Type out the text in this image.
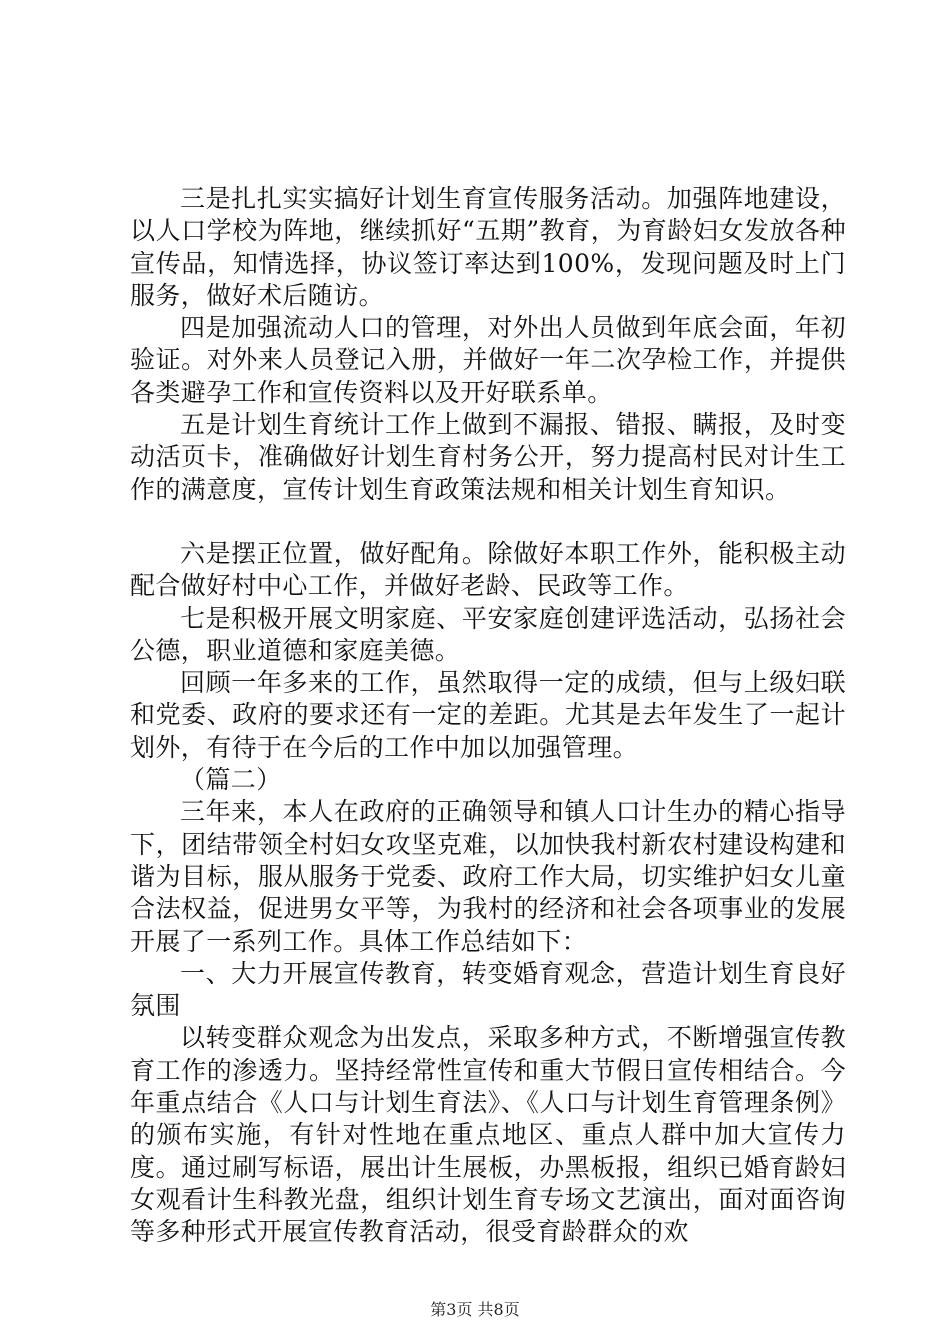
三是扎扎实实搞好计划生育宣传服务活动。加强阵地建设，以人口学校为阵地，继续抓好“五期”教育，为育龄妇女发放各种宣传品，知情选择，协议签订率达到100%，发现问题及时上门服务，做好术后随访。

四是加强流动人口的管理，对外出人员做到年底会面，年初验证。对外来人员登记入册，并做好一年二次孕检工作，并提供各类避孕工作和宣传资料以及开好联系单。

五是计划生育统计工作上做到不漏报、错报、瞒报，及时变动活页卡，准确做好计划生育村务公开，努力提高村民对计生工作的满意度，宣传计划生育政策法规和相关计划生育知识。

六是摆正位置，做好配角。除做好本职工作外，能积极主动配合做好村中心工作，并做好老龄、民政等工作。

七是积极开展文明家庭、平安家庭创建评选活动，弘扬社会公德，职业道德和家庭美德。

回顾一年多来的工作，虽然取得一定的成绩，但与上级妇联和党委、政府的要求还有一定的差距。尤其是去年发生了一起计划外，有待于在今后的工作中加以加强管理。

（篇二）

三年来，本人在政府的正确领导和镇人口计生办的精心指导下，团结带领全村妇女攻坚克难，以加快我村新农村建设构建和谐为目标，服从服务于党委、政府工作大局，切实维护妇女儿童合法权益，促进男女平等，为我村的经济和社会各项事业的发展开展了一系列工作。具体工作总结如下：

一、大力开展宣传教育，转变婚育观念，营造计划生育良好氛围

以转变群众观念为出发点，采取多种方式，不断增强宣传教育工作的渗透力。坚持经常性宣传和重大节假日宣传相结合。今年重点结合《人口与计划生育法》、《人口与计划生育管理条例》的颁布实施，有针对性地在重点地区、重点人群中加大宣传力度。通过刷写标语，展出计生展板，办黑板报，组织已婚育龄妇女观看计生科教光盘，组织计划生育专场文艺演出，面对面咨询等多种形式开展宣传教育活动，很受育龄群众的欢

第3页 共8页
